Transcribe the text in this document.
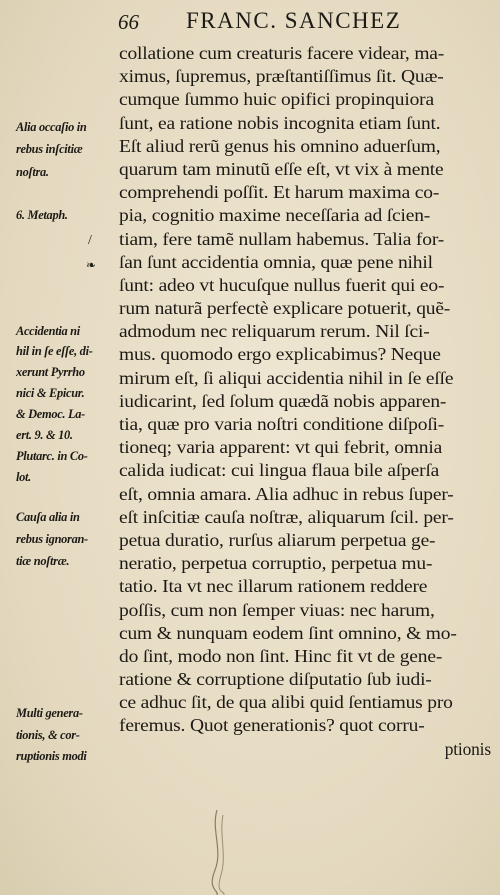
66 FRANC. SANCHEZ
collatione cum creaturis facere videar, ma-
ximus, ſupremus, præſtantiſſimus ſit. Quæ-
cumque ſummo huic opifici propinquiora
ſunt, ea ratione nobis incognita etiam ſunt.
Eſt aliud rerũ genus his omnino aduerſum,
quarum tam minutũ eſſe eſt, vt vix à mente
comprehendi poſſit. Et harum maxima co-
pia, cognitio maxime neceſſaria ad ſcien-
tiam, fere tamẽ nullam habemus. Talia for-
ſan ſunt accidentia omnia, quæ pene nihil
ſunt: adeo vt hucuſque nullus fuerit qui eo-
rum naturã perfectè explicare potuerit, quẽ-
admodum nec reliquarum rerum. Nil ſci-
mus. quomodo ergo explicabimus? Neque
mirum eſt, ſi aliqui accidentia nihil in ſe eſſe
iudicarint, ſed ſolum quædã nobis apparen-
tia, quæ pro varia noſtri conditione diſpoſi-
tioneq; varia apparent: vt qui febrit, omnia
calida iudicat: cui lingua flaua bile aſperſa
eſt, omnia amara. Alia adhuc in rebus ſuper-
eſt inſcitiæ cauſa noſtræ, aliquarum ſcil. per-
petua duratio, rurſus aliarum perpetua ge-
neratio, perpetua corruptio, perpetua mu-
tatio. Ita vt nec illarum rationem reddere
poſſis, cum non ſemper viuas: nec harum,
cum & nunquam eodem ſint omnino, & mo-
do ſint, modo non ſint. Hinc fit vt de gene-
ratione & corruptione diſputatio ſub iudi-
ce adhuc ſit, de qua alibi quid ſentiamus pro
feremus. Quot generationis? quot corru-
ptionis
Alia occaſio in
rebus inſcitiæ
noſtra.
6. Metaph.
/
❧
Accidentia ni
hil in ſe eſſe, di-
xerunt Pyrrho
nici & Epicur.
& Democ. La-
ert. 9. & 10.
Plutarc. in Co-
lot.
Cauſa alia in
rebus ignoran-
tiæ noſtræ.
Multi genera-
tionis, & cor-
ruptionis modi
